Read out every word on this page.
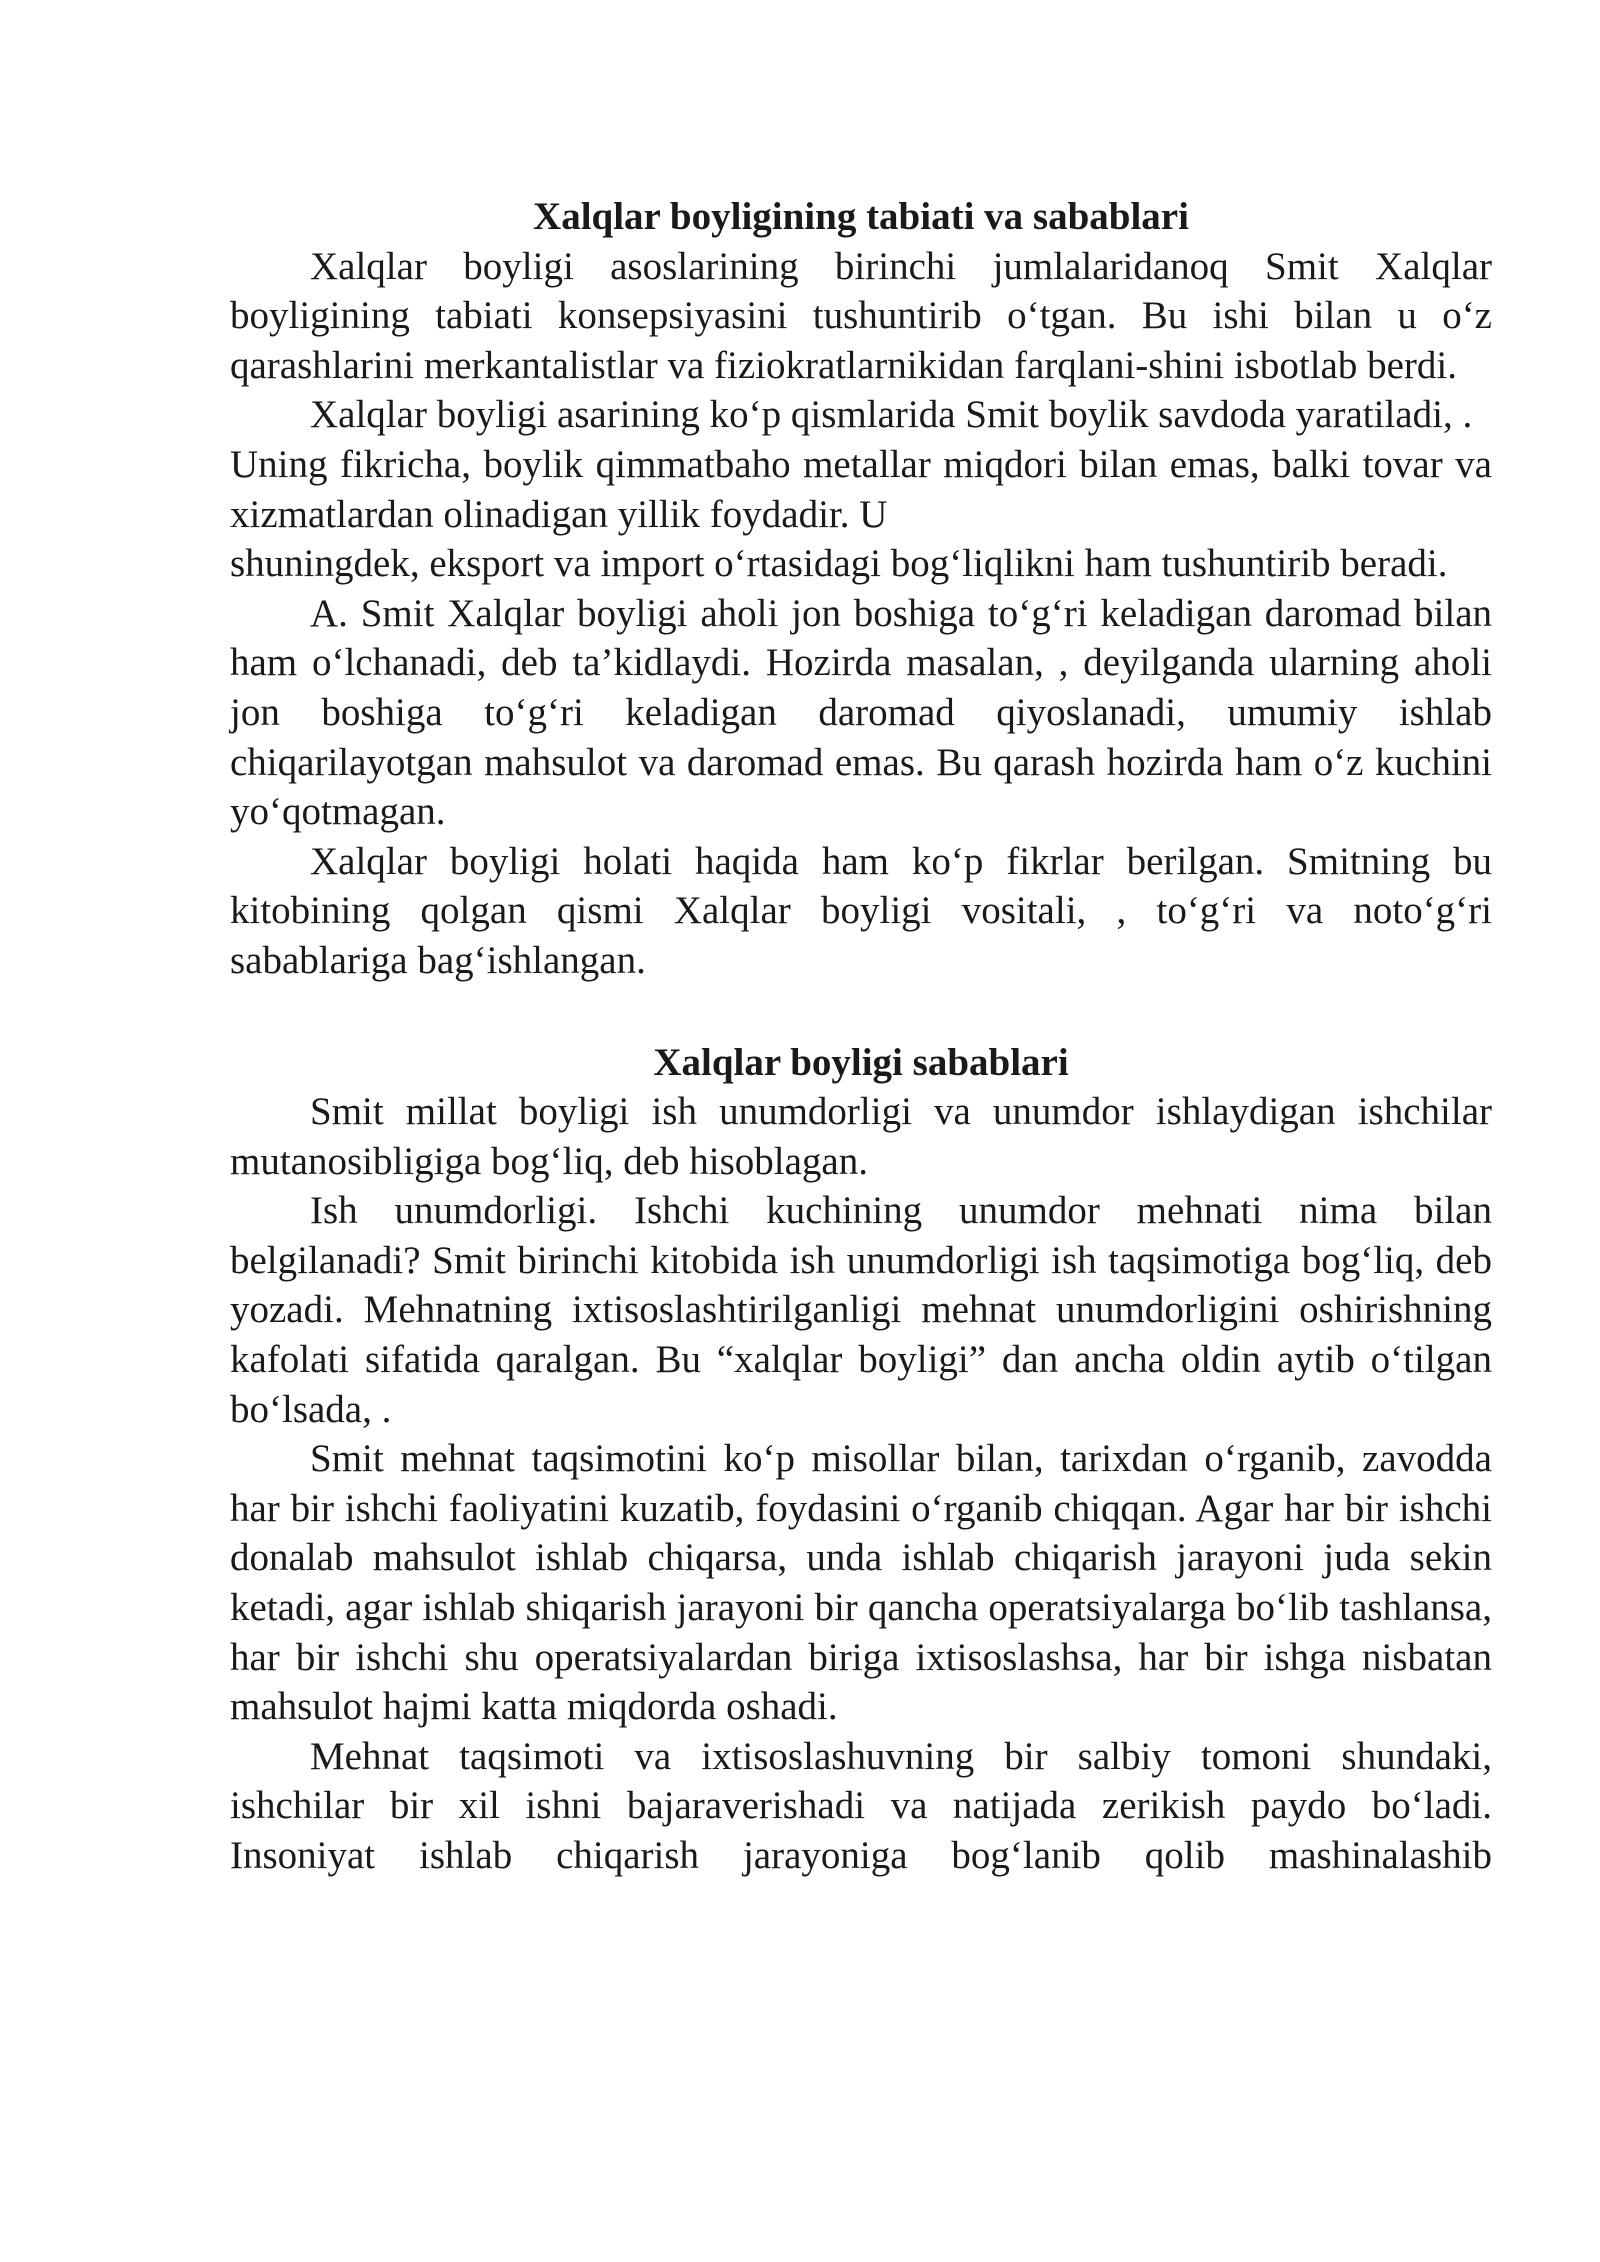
Xalqlar boyligining tabiati va sabablari

Xalqlar boyligi asoslarining birinchi jumlalaridanoq Smit Xalqlar boyligining tabiati konsepsiyasini tushuntirib o‘tgan. Bu ishi bilan u o‘z qarashlarini merkantalistlar va fiziokratlarnikidan farqlani-shini isbotlab berdi.

Xalqlar boyligi asarining ko‘p qismlarida Smit boylik savdoda yaratiladi, .

Uning fikricha, boylik qimmatbaho metallar miqdori bilan emas, balki tovar va xizmatlardan olinadigan yillik foydadir. U

shuningdek, eksport va import o‘rtasidagi bog‘liqlikni ham tushuntirib beradi.

A. Smit Xalqlar boyligi aholi jon boshiga to‘g‘ri keladigan daromad bilan ham o‘lchanadi, deb ta’kidlaydi. Hozirda masalan, , deyilganda ularning aholi jon boshiga to‘g‘ri keladigan daromad qiyoslanadi, umumiy ishlab chiqarilayotgan mahsulot va daromad emas. Bu qarash hozirda ham o‘z kuchini yo‘qotmagan.

Xalqlar boyligi holati haqida ham ko‘p fikrlar berilgan. Smitning bu kitobining qolgan qismi Xalqlar boyligi vositali, , to‘g‘ri va noto‘g‘ri sabablariga bag‘ishlangan.

Xalqlar boyligi sabablari

Smit millat boyligi ish unumdorligi va unumdor ishlaydigan ishchilar mutanosibligiga bog‘liq, deb hisoblagan.

Ish unumdorligi. Ishchi kuchining unumdor mehnati nima bilan belgilanadi? Smit birinchi kitobida ish unumdorligi ish taqsimotiga bog‘liq, deb yozadi. Mehnatning ixtisoslashtirilganligi mehnat unumdorligini oshirishning kafolati sifatida qaralgan. Bu “xalqlar boyligi” dan ancha oldin aytib o‘tilgan bo‘lsada, .

Smit mehnat taqsimotini ko‘p misollar bilan, tarixdan o‘rganib, zavodda har bir ishchi faoliyatini kuzatib, foydasini o‘rganib chiqqan. Agar har bir ishchi donalab mahsulot ishlab chiqarsa, unda ishlab chiqarish jarayoni juda sekin ketadi, agar ishlab shiqarish jarayoni bir qancha operatsiyalarga bo‘lib tashlansa, har bir ishchi shu operatsiyalardan biriga ixtisoslashsa, har bir ishga nisbatan mahsulot hajmi katta miqdorda oshadi.

Mehnat taqsimoti va ixtisoslashuvning bir salbiy tomoni shundaki, ishchilar bir xil ishni bajaraverishadi va natijada zerikish paydo bo‘ladi. Insoniyat ishlab chiqarish jarayoniga bog‘lanib qolib mashinalashib
